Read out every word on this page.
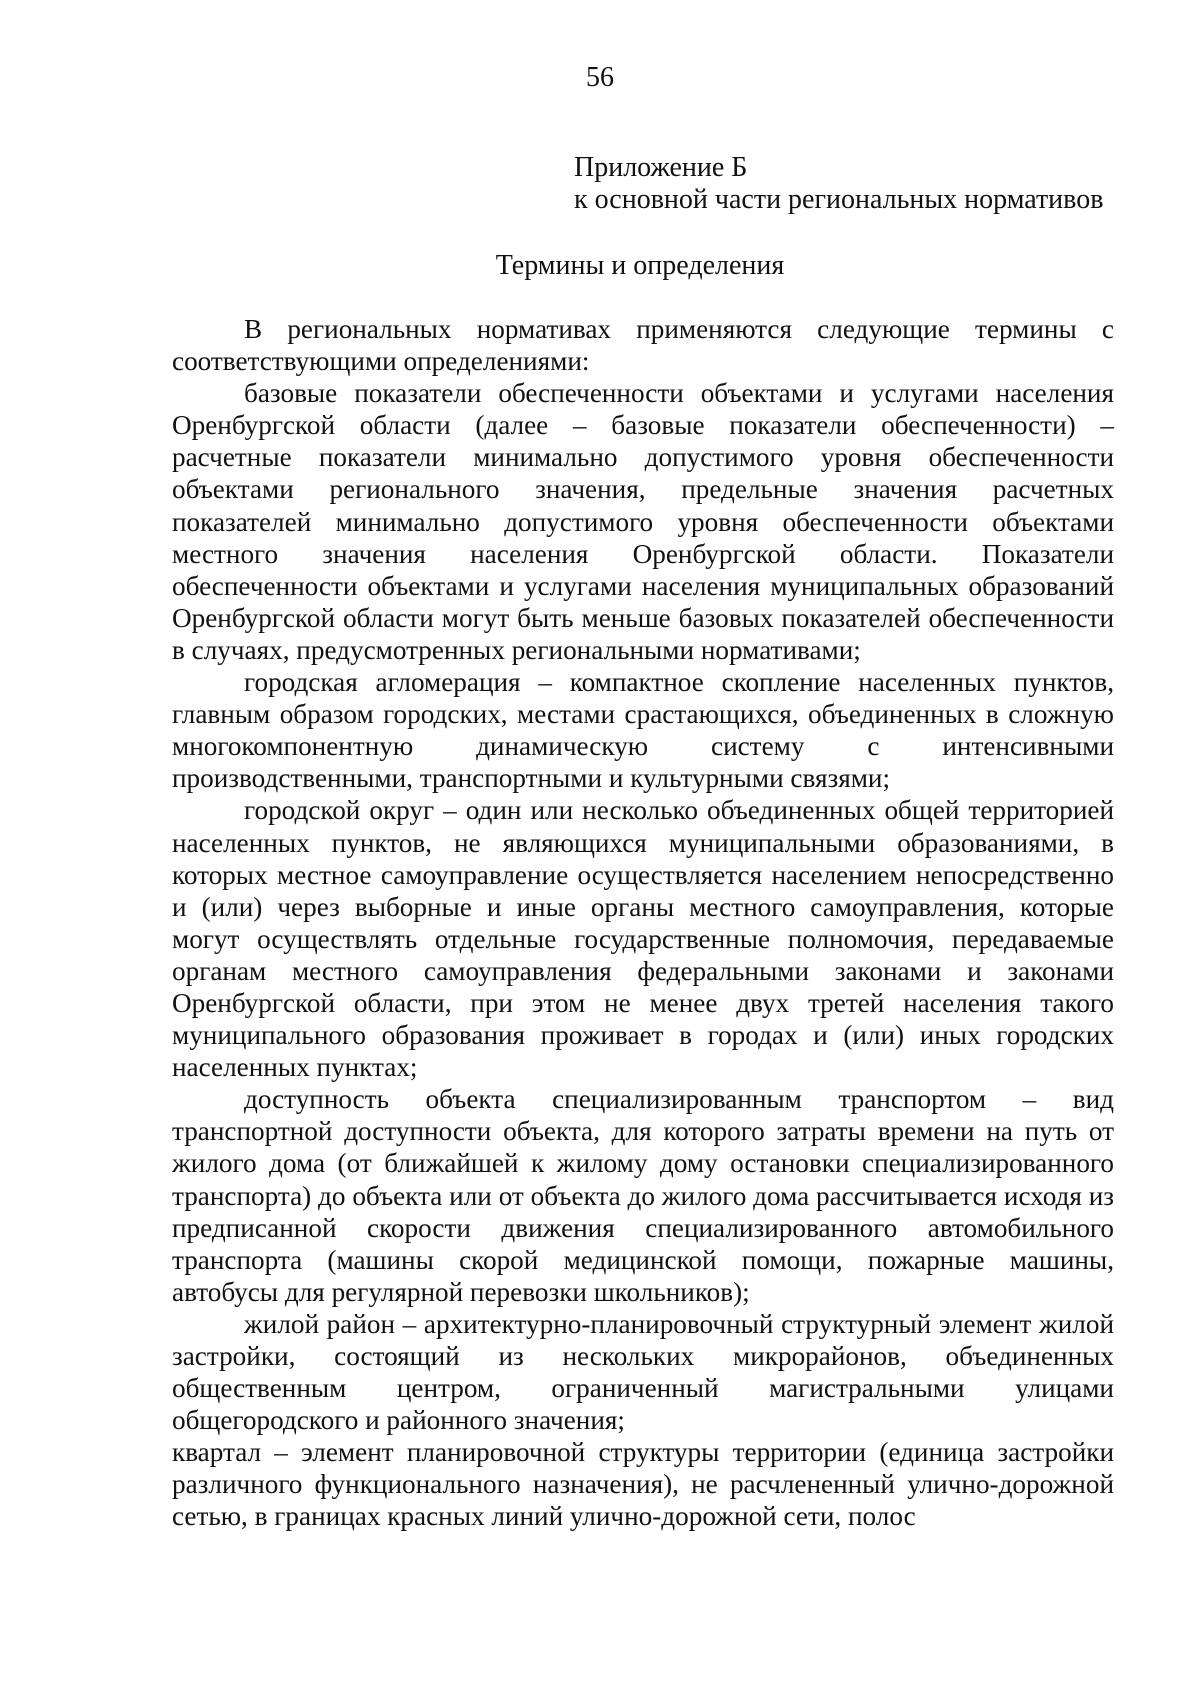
56
Приложение Б
к основной части региональных нормативов
Термины и определения

В региональных нормативах применяются следующие термины с соответствующими определениями:

базовые показатели обеспеченности объектами и услугами населения Оренбургской области (далее – базовые показатели обеспеченности) – расчетные показатели минимально допустимого уровня обеспеченности объектами регионального значения, предельные значения расчетных показателей минимально допустимого уровня обеспеченности объектами местного значения населения Оренбургской области. Показатели обеспеченности объектами и услугами населения муниципальных образований Оренбургской области могут быть меньше базовых показателей обеспеченности в случаях, предусмотренных региональными нормативами;

городская агломерация – компактное скопление населенных пунктов, главным образом городских, местами срастающихся, объединенных в сложную многокомпонентную динамическую систему с интенсивными производственными, транспортными и культурными связями;

городской округ – один или несколько объединенных общей территорией населенных пунктов, не являющихся муниципальными образованиями, в которых местное самоуправление осуществляется населением непосредственно и (или) через выборные и иные органы местного самоуправления, которые могут осуществлять отдельные государственные полномочия, передаваемые органам местного самоуправления федеральными законами и законами Оренбургской области, при этом не менее двух третей населения такого муниципального образования проживает в городах и (или) иных городских населенных пунктах;

доступность объекта специализированным транспортом – вид транспортной доступности объекта, для которого затраты времени на путь от жилого дома (от ближайшей к жилому дому остановки специализированного транспорта) до объекта или от объекта до жилого дома рассчитывается исходя из предписанной скорости движения специализированного автомобильного транспорта (машины скорой медицинской помощи, пожарные машины, автобусы для регулярной перевозки школьников);

жилой район – архитектурно-планировочный структурный элемент жилой застройки, состоящий из нескольких микрорайонов, объединенных общественным центром, ограниченный магистральными улицами общегородского и районного значения;

квартал – элемент планировочной структуры территории (единица застройки различного функционального назначения), не расчлененный улично-дорожной сетью, в границах красных линий улично-дорожной сети, полос
